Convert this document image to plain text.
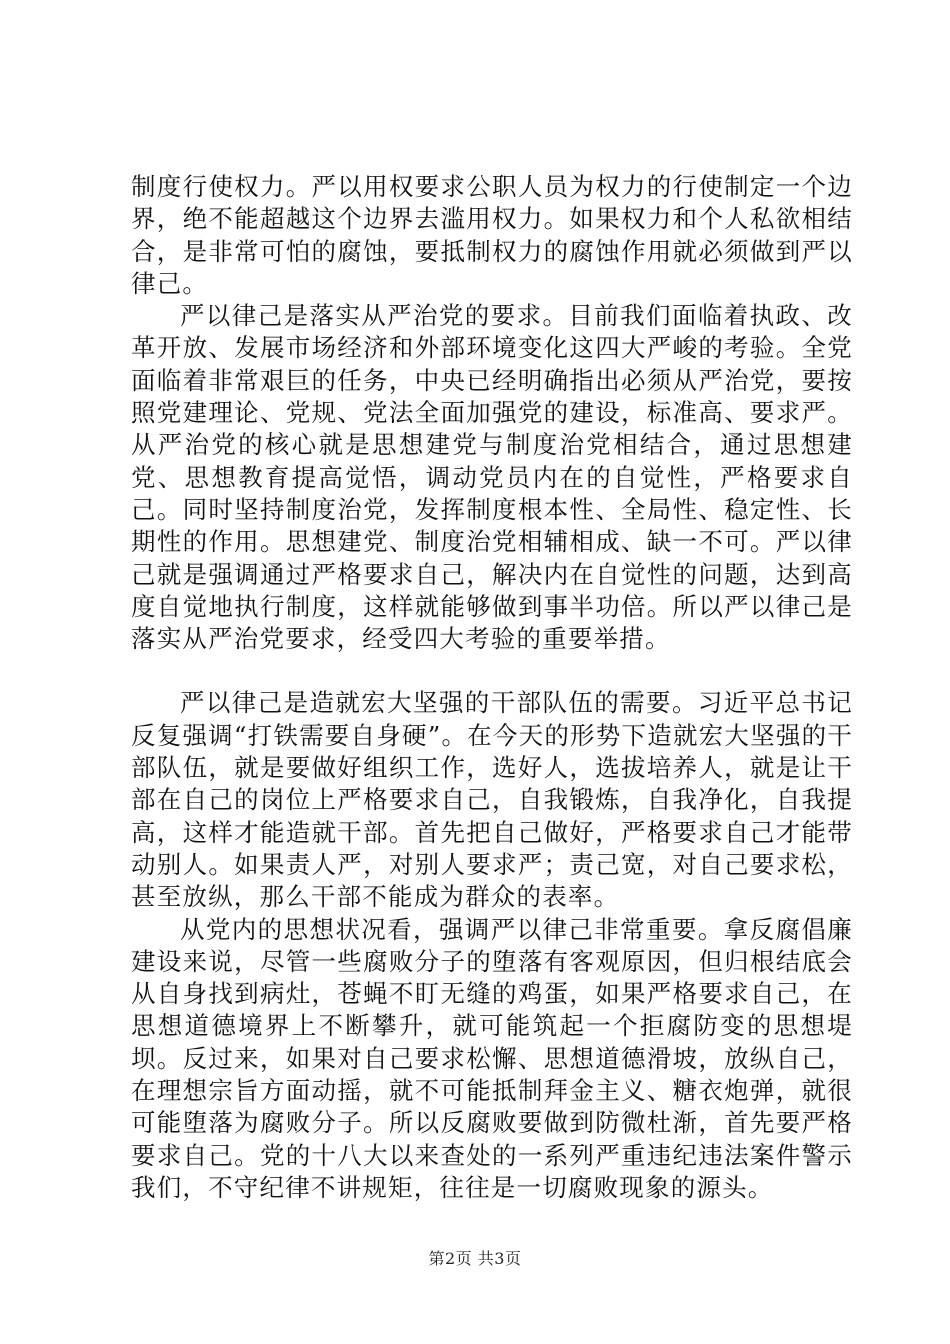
制度行使权力。严以用权要求公职人员为权力的行使制定一个边界，绝不能超越这个边界去滥用权力。如果权力和个人私欲相结合，是非常可怕的腐蚀，要抵制权力的腐蚀作用就必须做到严以律己。

严以律己是落实从严治党的要求。目前我们面临着执政、改革开放、发展市场经济和外部环境变化这四大严峻的考验。全党面临着非常艰巨的任务，中央已经明确指出必须从严治党，要按照党建理论、党规、党法全面加强党的建设，标准高、要求严。从严治党的核心就是思想建党与制度治党相结合，通过思想建党、思想教育提高觉悟，调动党员内在的自觉性，严格要求自己。同时坚持制度治党，发挥制度根本性、全局性、稳定性、长期性的作用。思想建党、制度治党相辅相成、缺一不可。严以律己就是强调通过严格要求自己，解决内在自觉性的问题，达到高度自觉地执行制度，这样就能够做到事半功倍。所以严以律己是落实从严治党要求，经受四大考验的重要举措。

严以律己是造就宏大坚强的干部队伍的需要。习近平总书记反复强调“打铁需要自身硬”。在今天的形势下造就宏大坚强的干部队伍，就是要做好组织工作，选好人，选拔培养人，就是让干部在自己的岗位上严格要求自己，自我锻炼，自我净化，自我提高，这样才能造就干部。首先把自己做好，严格要求自己才能带动别人。如果责人严，对别人要求严；责己宽，对自己要求松，甚至放纵，那么干部不能成为群众的表率。

从党内的思想状况看，强调严以律己非常重要。拿反腐倡廉建设来说，尽管一些腐败分子的堕落有客观原因，但归根结底会从自身找到病灶，苍蝇不盯无缝的鸡蛋，如果严格要求自己，在思想道德境界上不断攀升，就可能筑起一个拒腐防变的思想堤坝。反过来，如果对自己要求松懈、思想道德滑坡，放纵自己，在理想宗旨方面动摇，就不可能抵制拜金主义、糖衣炮弹，就很可能堕落为腐败分子。所以反腐败要做到防微杜渐，首先要严格要求自己。党的十八大以来查处的一系列严重违纪违法案件警示我们，不守纪律不讲规矩，往往是一切腐败现象的源头。

第2页 共3页
